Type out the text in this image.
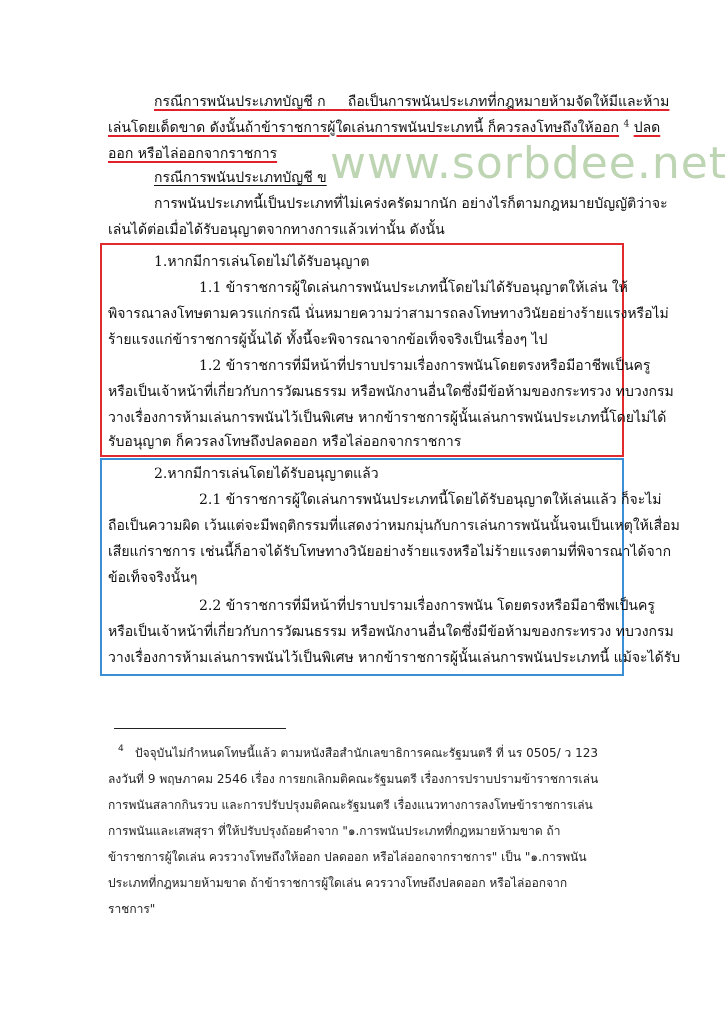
www.sorbdee.net
กรณีการพนันประเภทบัญชี ก ถือเป็นการพนันประเภทที่กฎหมายห้ามจัดให้มีและห้าม
เล่นโดยเด็ดขาด ดังนั้นถ้าข้าราชการผู้ใดเล่นการพนันประเภทนี้ ก็ควรลงโทษถึงให้ออก $^4$ ปลด
ออก หรือไล่ออกจากราชการ
กรณีการพนันประเภทบัญชี ข
การพนันประเภทนี้เป็นประเภทที่ไม่เคร่งครัดมากนัก อย่างไรก็ตามกฎหมายบัญญัติว่าจะ
เล่นได้ต่อเมื่อได้รับอนุญาตจากทางการแล้วเท่านั้น ดังนั้น
1.หากมีการเล่นโดยไม่ได้รับอนุญาต
1.1 ข้าราชการผู้ใดเล่นการพนันประเภทนี้โดยไม่ได้รับอนุญาตให้เล่น ให้
พิจารณาลงโทษตามควรแก่กรณี นั่นหมายความว่าสามารถลงโทษทางวินัยอย่างร้ายแรงหรือไม่
ร้ายแรงแก่ข้าราชการผู้นั้นได้ ทั้งนี้จะพิจารณาจากข้อเท็จจริงเป็นเรื่องๆ ไป
1.2 ข้าราชการที่มีหน้าที่ปราบปรามเรื่องการพนันโดยตรงหรือมีอาชีพเป็นครู
หรือเป็นเจ้าหน้าที่เกี่ยวกับการวัฒนธรรม หรือพนักงานอื่นใดซึ่งมีข้อห้ามของกระทรวง ทบวงกรม
วางเรื่องการห้ามเล่นการพนันไว้เป็นพิเศษ หากข้าราชการผู้นั้นเล่นการพนันประเภทนี้โดยไม่ได้
รับอนุญาต ก็ควรลงโทษถึงปลดออก หรือไล่ออกจากราชการ
2.หากมีการเล่นโดยได้รับอนุญาตแล้ว
2.1 ข้าราชการผู้ใดเล่นการพนันประเภทนี้โดยได้รับอนุญาตให้เล่นแล้ว ก็จะไม่
ถือเป็นความผิด เว้นแต่จะมีพฤติกรรมที่แสดงว่าหมกมุ่นกับการเล่นการพนันนั้นจนเป็นเหตุให้เสื่อม
เสียแก่ราชการ เช่นนี้ก็อาจได้รับโทษทางวินัยอย่างร้ายแรงหรือไม่ร้ายแรงตามที่พิจารณาได้จาก
ข้อเท็จจริงนั้นๆ
2.2 ข้าราชการที่มีหน้าที่ปราบปรามเรื่องการพนัน โดยตรงหรือมีอาชีพเป็นครู
หรือเป็นเจ้าหน้าที่เกี่ยวกับการวัฒนธรรม หรือพนักงานอื่นใดซึ่งมีข้อห้ามของกระทรวง ทบวงกรม
วางเรื่องการห้ามเล่นการพนันไว้เป็นพิเศษ หากข้าราชการผู้นั้นเล่นการพนันประเภทนี้ แม้จะได้รับ
4 ปัจจุบันไม่กำหนดโทษนี้แล้ว ตามหนังสือสำนักเลขาธิการคณะรัฐมนตรี ที่ นร 0505/ ว 123
ลงวันที่ 9 พฤษภาคม 2546 เรื่อง การยกเลิกมติคณะรัฐมนตรี เรื่องการปราบปรามข้าราชการเล่น
การพนันสลากกินรวบ และการปรับปรุงมติคณะรัฐมนตรี เรื่องแนวทางการลงโทษข้าราชการเล่น
การพนันและเสพสุรา ที่ให้ปรับปรุงถ้อยคำจาก "๑.การพนันประเภทที่กฎหมายห้ามขาด ถ้า
ข้าราชการผู้ใดเล่น ควรวางโทษถึงให้ออก ปลดออก หรือไล่ออกจากราชการ" เป็น "๑.การพนัน
ประเภทที่กฎหมายห้ามขาด ถ้าข้าราชการผู้ใดเล่น ควรวางโทษถึงปลดออก หรือไล่ออกจาก
ราชการ"
